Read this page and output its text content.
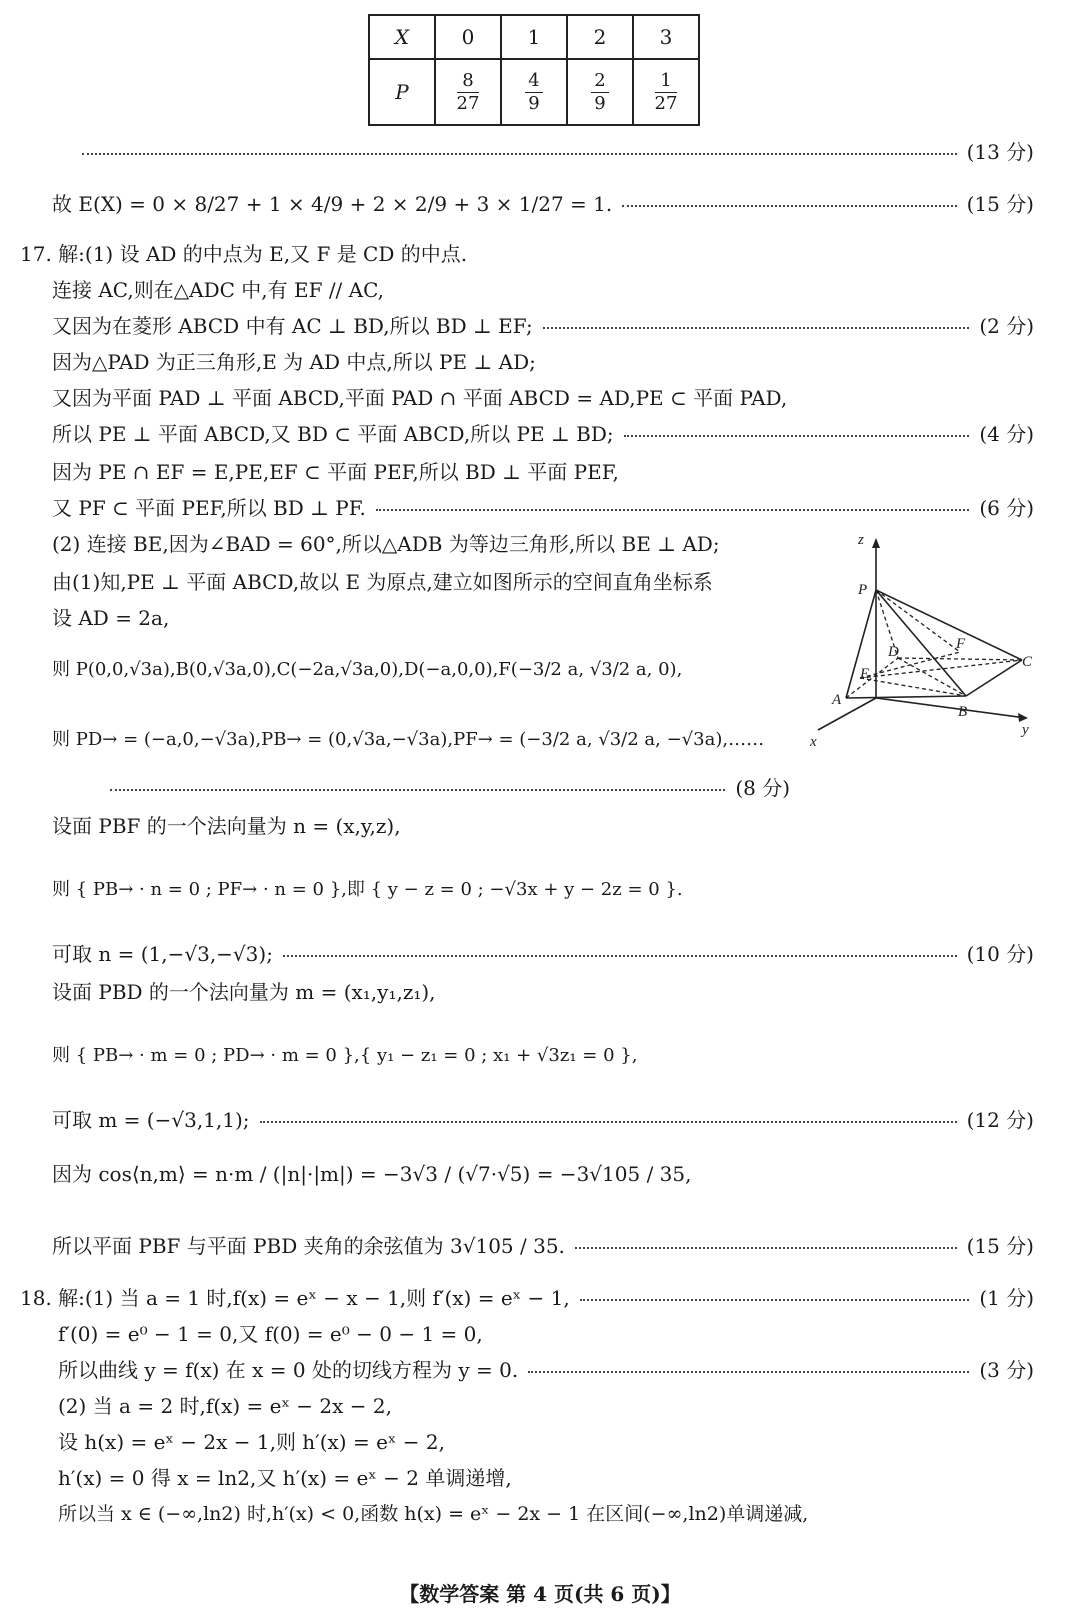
X	0	1	2	3
P	$\frac{8}{27}$	$\frac{4}{9}$	$\frac{2}{9}$	$\frac{1}{27}$
(13 分)
故 E(X) = 0 × 8/27 + 1 × 4/9 + 2 × 2/9 + 3 × 1/27 = 1.	(15 分)
17. 解:(1) 设 AD 的中点为 E,又 F 是 CD 的中点.
连接 AC,则在△ADC 中,有 EF // AC,
又因为在菱形 ABCD 中有 AC ⊥ BD,所以 BD ⊥ EF;	(2 分)
因为△PAD 为正三角形,E 为 AD 中点,所以 PE ⊥ AD;
又因为平面 PAD ⊥ 平面 ABCD,平面 PAD ∩ 平面 ABCD = AD,PE ⊂ 平面 PAD,
所以 PE ⊥ 平面 ABCD,又 BD ⊂ 平面 ABCD,所以 PE ⊥ BD;	(4 分)
因为 PE ∩ EF = E,PE,EF ⊂ 平面 PEF,所以 BD ⊥ 平面 PEF,
又 PF ⊂ 平面 PEF,所以 BD ⊥ PF.	(6 分)
(2) 连接 BE,因为∠BAD = 60°,所以△ADB 为等边三角形,所以 BE ⊥ AD;
由(1)知,PE ⊥ 平面 ABCD,故以 E 为原点,建立如图所示的空间直角坐标系
设 AD = 2a,
则 P(0,0,√3a),B(0,√3a,0),C(−2a,√3a,0),D(−a,0,0),F(−3/2 a, √3/2 a, 0),
则 PD→ = (−a,0,−√3a),PB→ = (0,√3a,−√3a),PF→ = (−3/2 a, √3/2 a, −√3a),……
(8 分)
z
P
D	F
C
E
A
B
x
y
设面 PBF 的一个法向量为 n = (x,y,z),
则 { PB→ · n = 0 ; PF→ · n = 0 },即 { y − z = 0 ; −√3x + y − 2z = 0 }.
可取 n = (1,−√3,−√3);	(10 分)
设面 PBD 的一个法向量为 m = (x₁,y₁,z₁),
则 { PB→ · m = 0 ; PD→ · m = 0 },{ y₁ − z₁ = 0 ; x₁ + √3z₁ = 0 },
可取 m = (−√3,1,1);	(12 分)
因为 cos⟨n,m⟩ = n·m / (|n|·|m|) = −3√3 / (√7·√5) = −3√105 / 35,
所以平面 PBF 与平面 PBD 夹角的余弦值为 3√105 / 35.	(15 分)
18. 解:(1) 当 a = 1 时,f(x) = eˣ − x − 1,则 f′(x) = eˣ − 1,	(1 分)
f′(0) = e⁰ − 1 = 0,又 f(0) = e⁰ − 0 − 1 = 0,
所以曲线 y = f(x) 在 x = 0 处的切线方程为 y = 0.	(3 分)
(2) 当 a = 2 时,f(x) = eˣ − 2x − 2,
设 h(x) = eˣ − 2x − 1,则 h′(x) = eˣ − 2,
h′(x) = 0 得 x = ln2,又 h′(x) = eˣ − 2 单调递增,
所以当 x ∈ (−∞,ln2) 时,h′(x) < 0,函数 h(x) = eˣ − 2x − 1 在区间(−∞,ln2)单调递减,
【数学答案 第 4 页(共 6 页)】
